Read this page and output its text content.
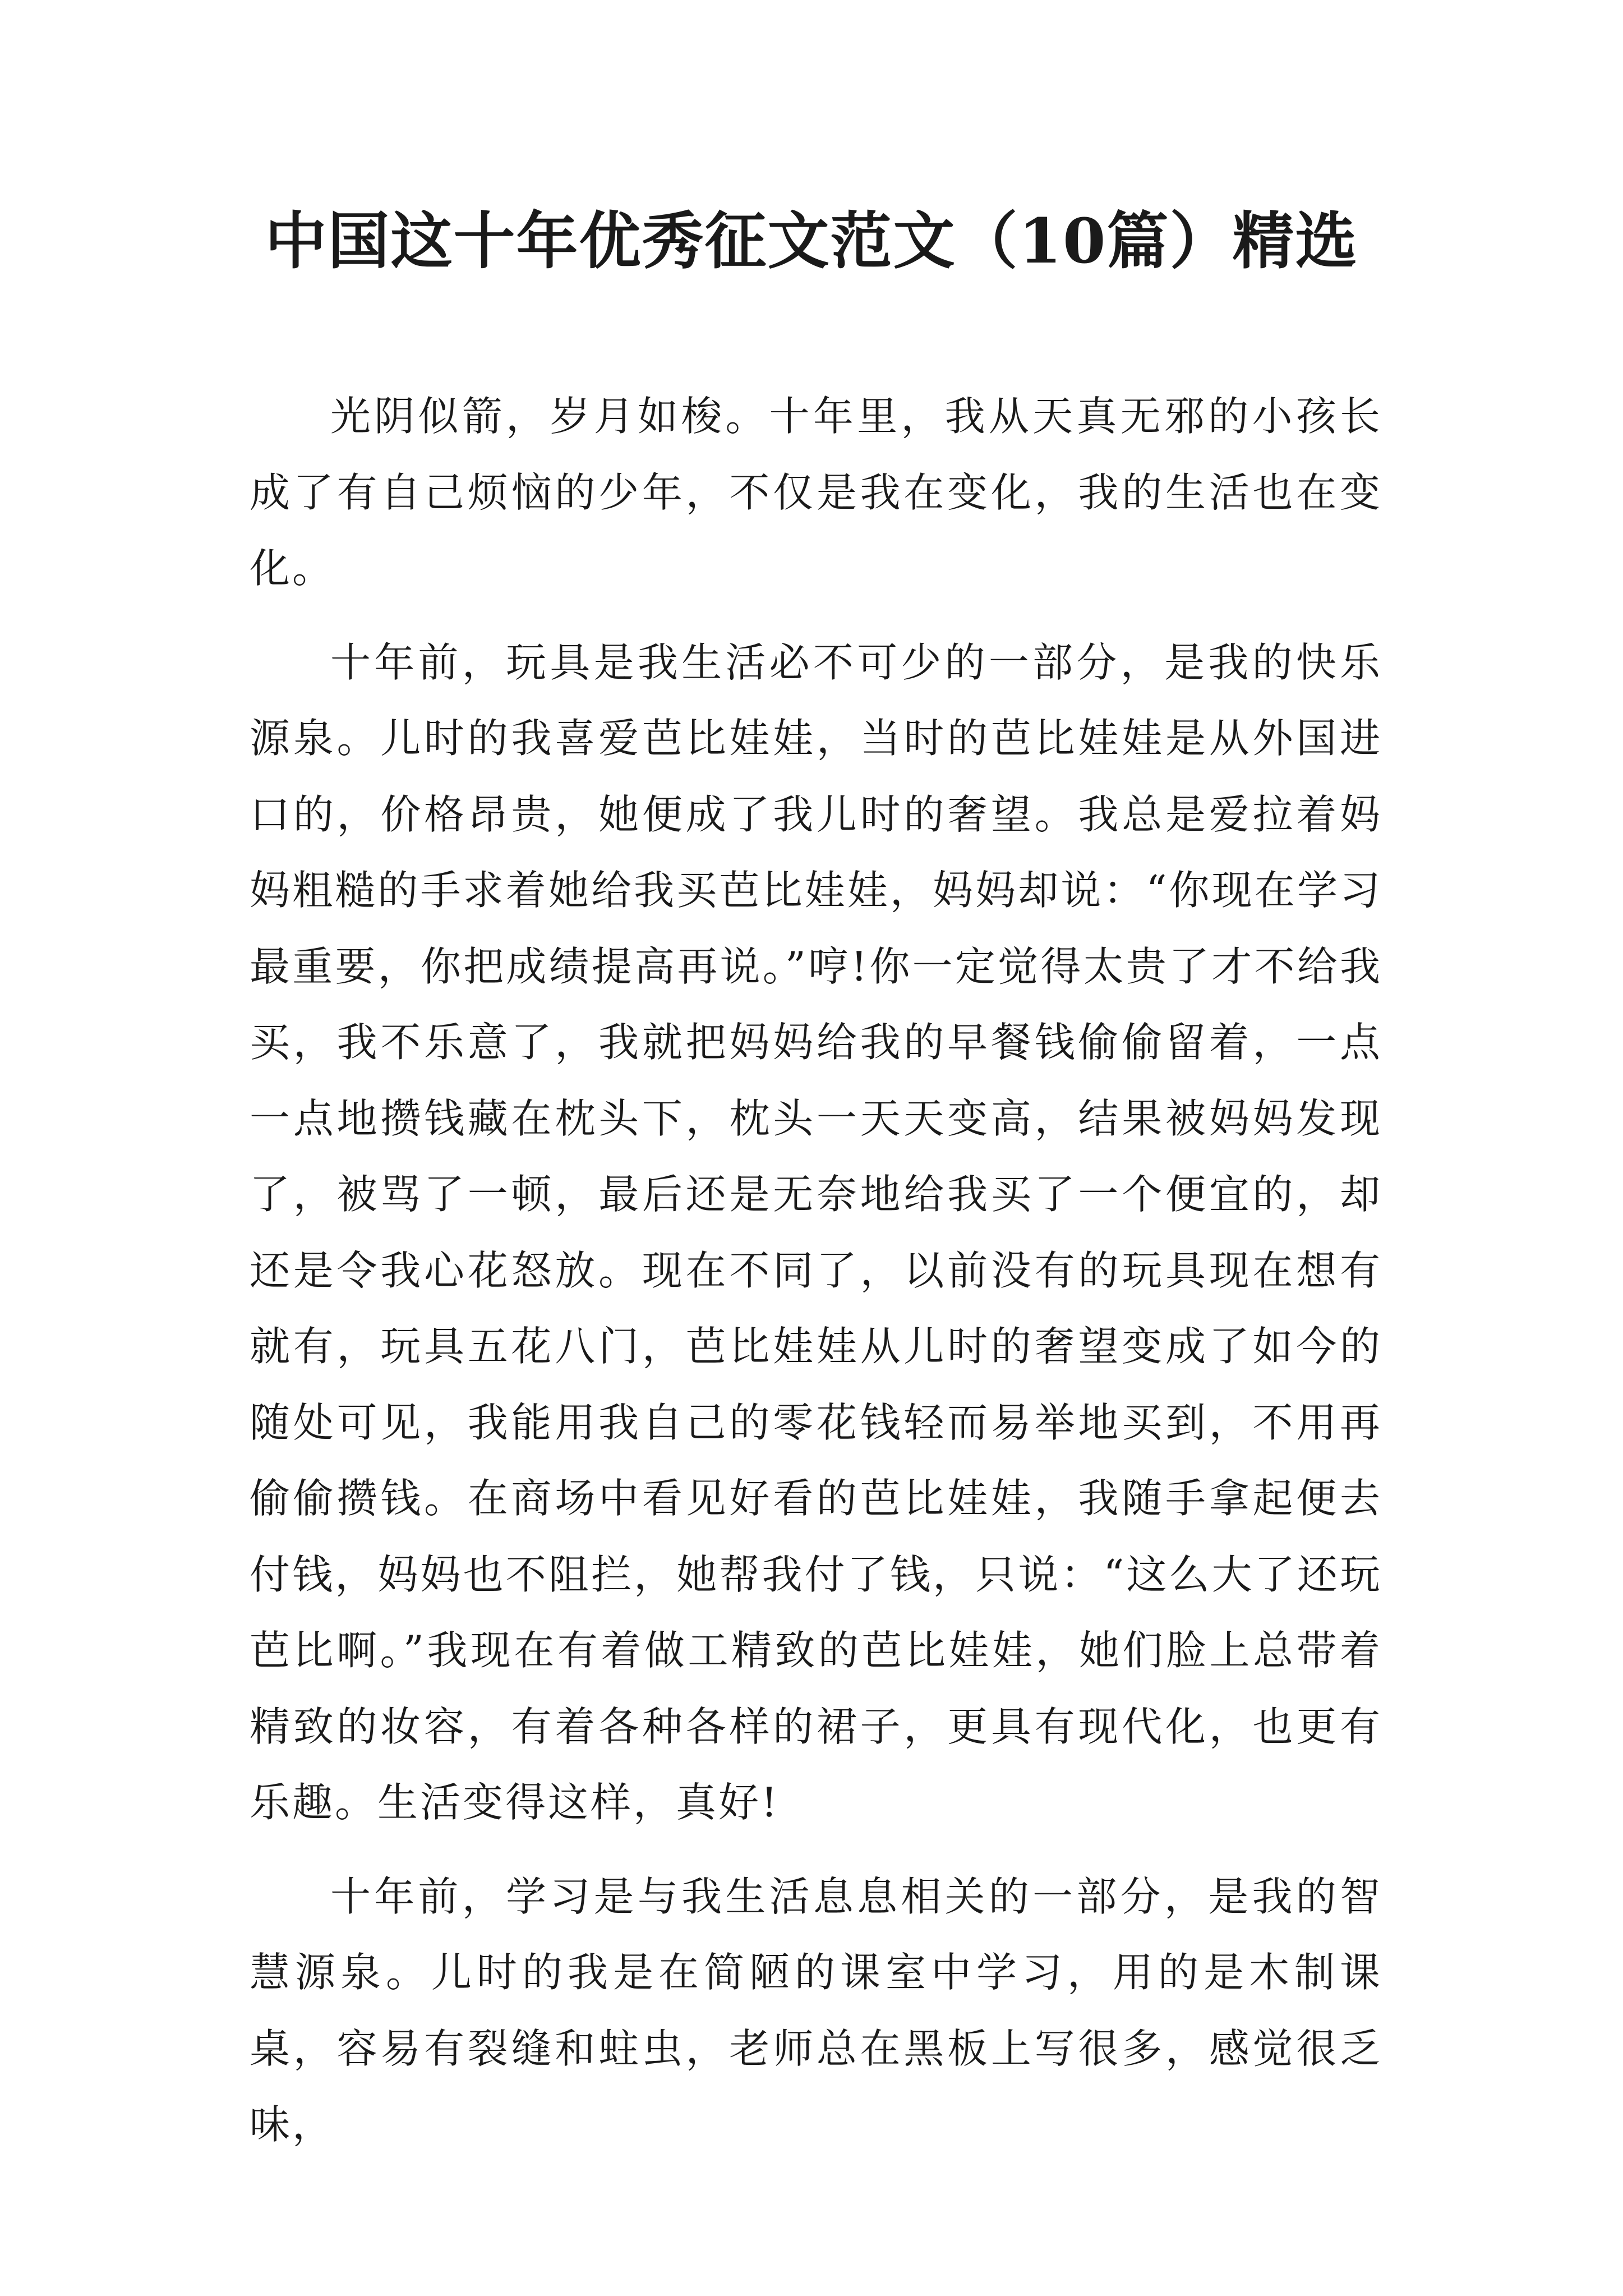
中国这十年优秀征文范文（10篇）精选

光阴似箭，岁月如梭。十年里，我从天真无邪的小孩长成了有自己烦恼的少年，不仅是我在变化，我的生活也在变化。

十年前，玩具是我生活必不可少的一部分，是我的快乐源泉。儿时的我喜爱芭比娃娃，当时的芭比娃娃是从外国进口的，价格昂贵，她便成了我儿时的奢望。我总是爱拉着妈妈粗糙的手求着她给我买芭比娃娃，妈妈却说：“你现在学习最重要，你把成绩提高再说。”哼!你一定觉得太贵了才不给我买，我不乐意了，我就把妈妈给我的早餐钱偷偷留着，一点一点地攒钱藏在枕头下，枕头一天天变高，结果被妈妈发现了，被骂了一顿，最后还是无奈地给我买了一个便宜的，却还是令我心花怒放。现在不同了，以前没有的玩具现在想有就有，玩具五花八门，芭比娃娃从儿时的奢望变成了如今的随处可见，我能用我自己的零花钱轻而易举地买到，不用再偷偷攒钱。在商场中看见好看的芭比娃娃，我随手拿起便去付钱，妈妈也不阻拦，她帮我付了钱，只说：“这么大了还玩芭比啊。”我现在有着做工精致的芭比娃娃，她们脸上总带着精致的妆容，有着各种各样的裙子，更具有现代化，也更有乐趣。生活变得这样，真好!

十年前，学习是与我生活息息相关的一部分，是我的智慧源泉。儿时的我是在简陋的课室中学习，用的是木制课桌，容易有裂缝和蛀虫，老师总在黑板上写很多，感觉很乏味，
